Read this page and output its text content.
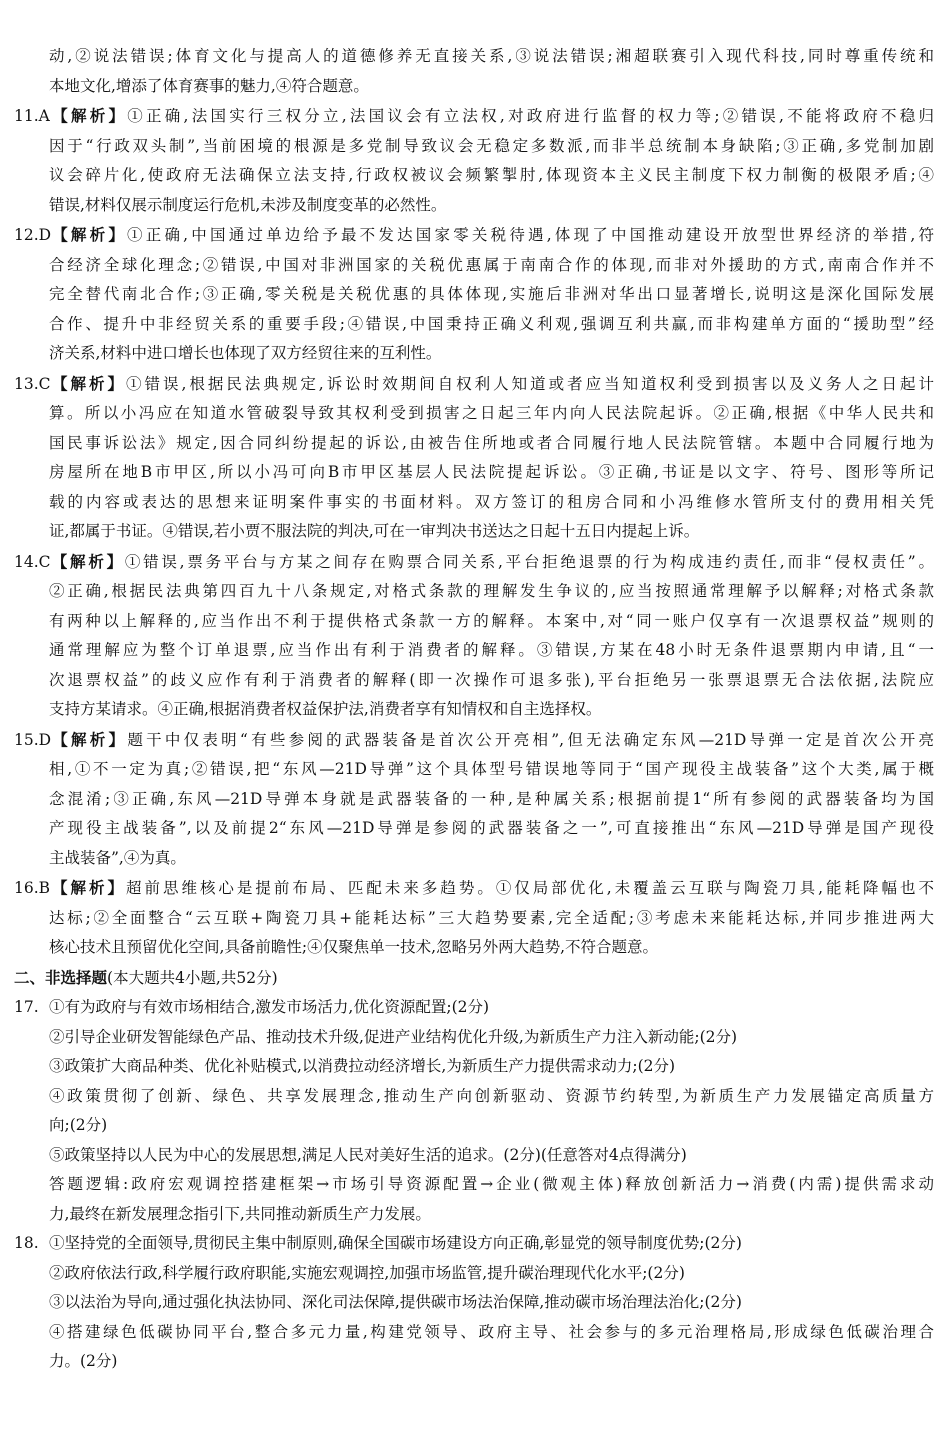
动,②说法错误;体育文化与提高人的道德修养无直接关系,③说法错误;湘超联赛引入现代科技,同时尊重传统和
本地文化,增添了体育赛事的魅力,④符合题意。
11.A【解析】①正确,法国实行三权分立,法国议会有立法权,对政府进行监督的权力等;②错误,不能将政府不稳归
因于“行政双头制”,当前困境的根源是多党制导致议会无稳定多数派,而非半总统制本身缺陷;③正确,多党制加剧
议会碎片化,使政府无法确保立法支持,行政权被议会频繁掣肘,体现资本主义民主制度下权力制衡的极限矛盾;④
错误,材料仅展示制度运行危机,未涉及制度变革的必然性。
12.D【解析】①正确,中国通过单边给予最不发达国家零关税待遇,体现了中国推动建设开放型世界经济的举措,符
合经济全球化理念;②错误,中国对非洲国家的关税优惠属于南南合作的体现,而非对外援助的方式,南南合作并不
完全替代南北合作;③正确,零关税是关税优惠的具体体现,实施后非洲对华出口显著增长,说明这是深化国际发展
合作、提升中非经贸关系的重要手段;④错误,中国秉持正确义利观,强调互利共赢,而非构建单方面的“援助型”经
济关系,材料中进口增长也体现了双方经贸往来的互利性。
13.C【解析】①错误,根据民法典规定,诉讼时效期间自权利人知道或者应当知道权利受到损害以及义务人之日起计
算。所以小冯应在知道水管破裂导致其权利受到损害之日起三年内向人民法院起诉。②正确,根据《中华人民共和
国民事诉讼法》规定,因合同纠纷提起的诉讼,由被告住所地或者合同履行地人民法院管辖。本题中合同履行地为
房屋所在地B市甲区,所以小冯可向B市甲区基层人民法院提起诉讼。③正确,书证是以文字、符号、图形等所记
载的内容或表达的思想来证明案件事实的书面材料。双方签订的租房合同和小冯维修水管所支付的费用相关凭
证,都属于书证。④错误,若小贾不服法院的判决,可在一审判决书送达之日起十五日内提起上诉。
14.C【解析】①错误,票务平台与方某之间存在购票合同关系,平台拒绝退票的行为构成违约责任,而非“侵权责任”。
②正确,根据民法典第四百九十八条规定,对格式条款的理解发生争议的,应当按照通常理解予以解释;对格式条款
有两种以上解释的,应当作出不利于提供格式条款一方的解释。本案中,对“同一账户仅享有一次退票权益”规则的
通常理解应为整个订单退票,应当作出有利于消费者的解释。③错误,方某在48小时无条件退票期内申请,且“一
次退票权益”的歧义应作有利于消费者的解释(即一次操作可退多张),平台拒绝另一张票退票无合法依据,法院应
支持方某请求。④正确,根据消费者权益保护法,消费者享有知情权和自主选择权。
15.D【解析】题干中仅表明“有些参阅的武器装备是首次公开亮相”,但无法确定东风—21D导弹一定是首次公开亮
相,①不一定为真;②错误,把“东风—21D导弹”这个具体型号错误地等同于“国产现役主战装备”这个大类,属于概
念混淆;③正确,东风—21D导弹本身就是武器装备的一种,是种属关系;根据前提1“所有参阅的武器装备均为国
产现役主战装备”,以及前提2“东风—21D导弹是参阅的武器装备之一”,可直接推出“东风—21D导弹是国产现役
主战装备”,④为真。
16.B【解析】超前思维核心是提前布局、匹配未来多趋势。①仅局部优化,未覆盖云互联与陶瓷刀具,能耗降幅也不
达标;②全面整合“云互联+陶瓷刀具+能耗达标”三大趋势要素,完全适配;③考虑未来能耗达标,并同步推进两大
核心技术且预留优化空间,具备前瞻性;④仅聚焦单一技术,忽略另外两大趋势,不符合题意。
二、非选择题(本大题共4小题,共52分)
17. ①有为政府与有效市场相结合,激发市场活力,优化资源配置;(2分)
②引导企业研发智能绿色产品、推动技术升级,促进产业结构优化升级,为新质生产力注入新动能;(2分)
③政策扩大商品种类、优化补贴模式,以消费拉动经济增长,为新质生产力提供需求动力;(2分)
④政策贯彻了创新、绿色、共享发展理念,推动生产向创新驱动、资源节约转型,为新质生产力发展锚定高质量方
向;(2分)
⑤政策坚持以人民为中心的发展思想,满足人民对美好生活的追求。(2分)(任意答对4点得满分)
答题逻辑:政府宏观调控搭建框架→市场引导资源配置→企业(微观主体)释放创新活力→消费(内需)提供需求动
力,最终在新发展理念指引下,共同推动新质生产力发展。
18. ①坚持党的全面领导,贯彻民主集中制原则,确保全国碳市场建设方向正确,彰显党的领导制度优势;(2分)
②政府依法行政,科学履行政府职能,实施宏观调控,加强市场监管,提升碳治理现代化水平;(2分)
③以法治为导向,通过强化执法协同、深化司法保障,提供碳市场法治保障,推动碳市场治理法治化;(2分)
④搭建绿色低碳协同平台,整合多元力量,构建党领导、政府主导、社会参与的多元治理格局,形成绿色低碳治理合
力。(2分)
